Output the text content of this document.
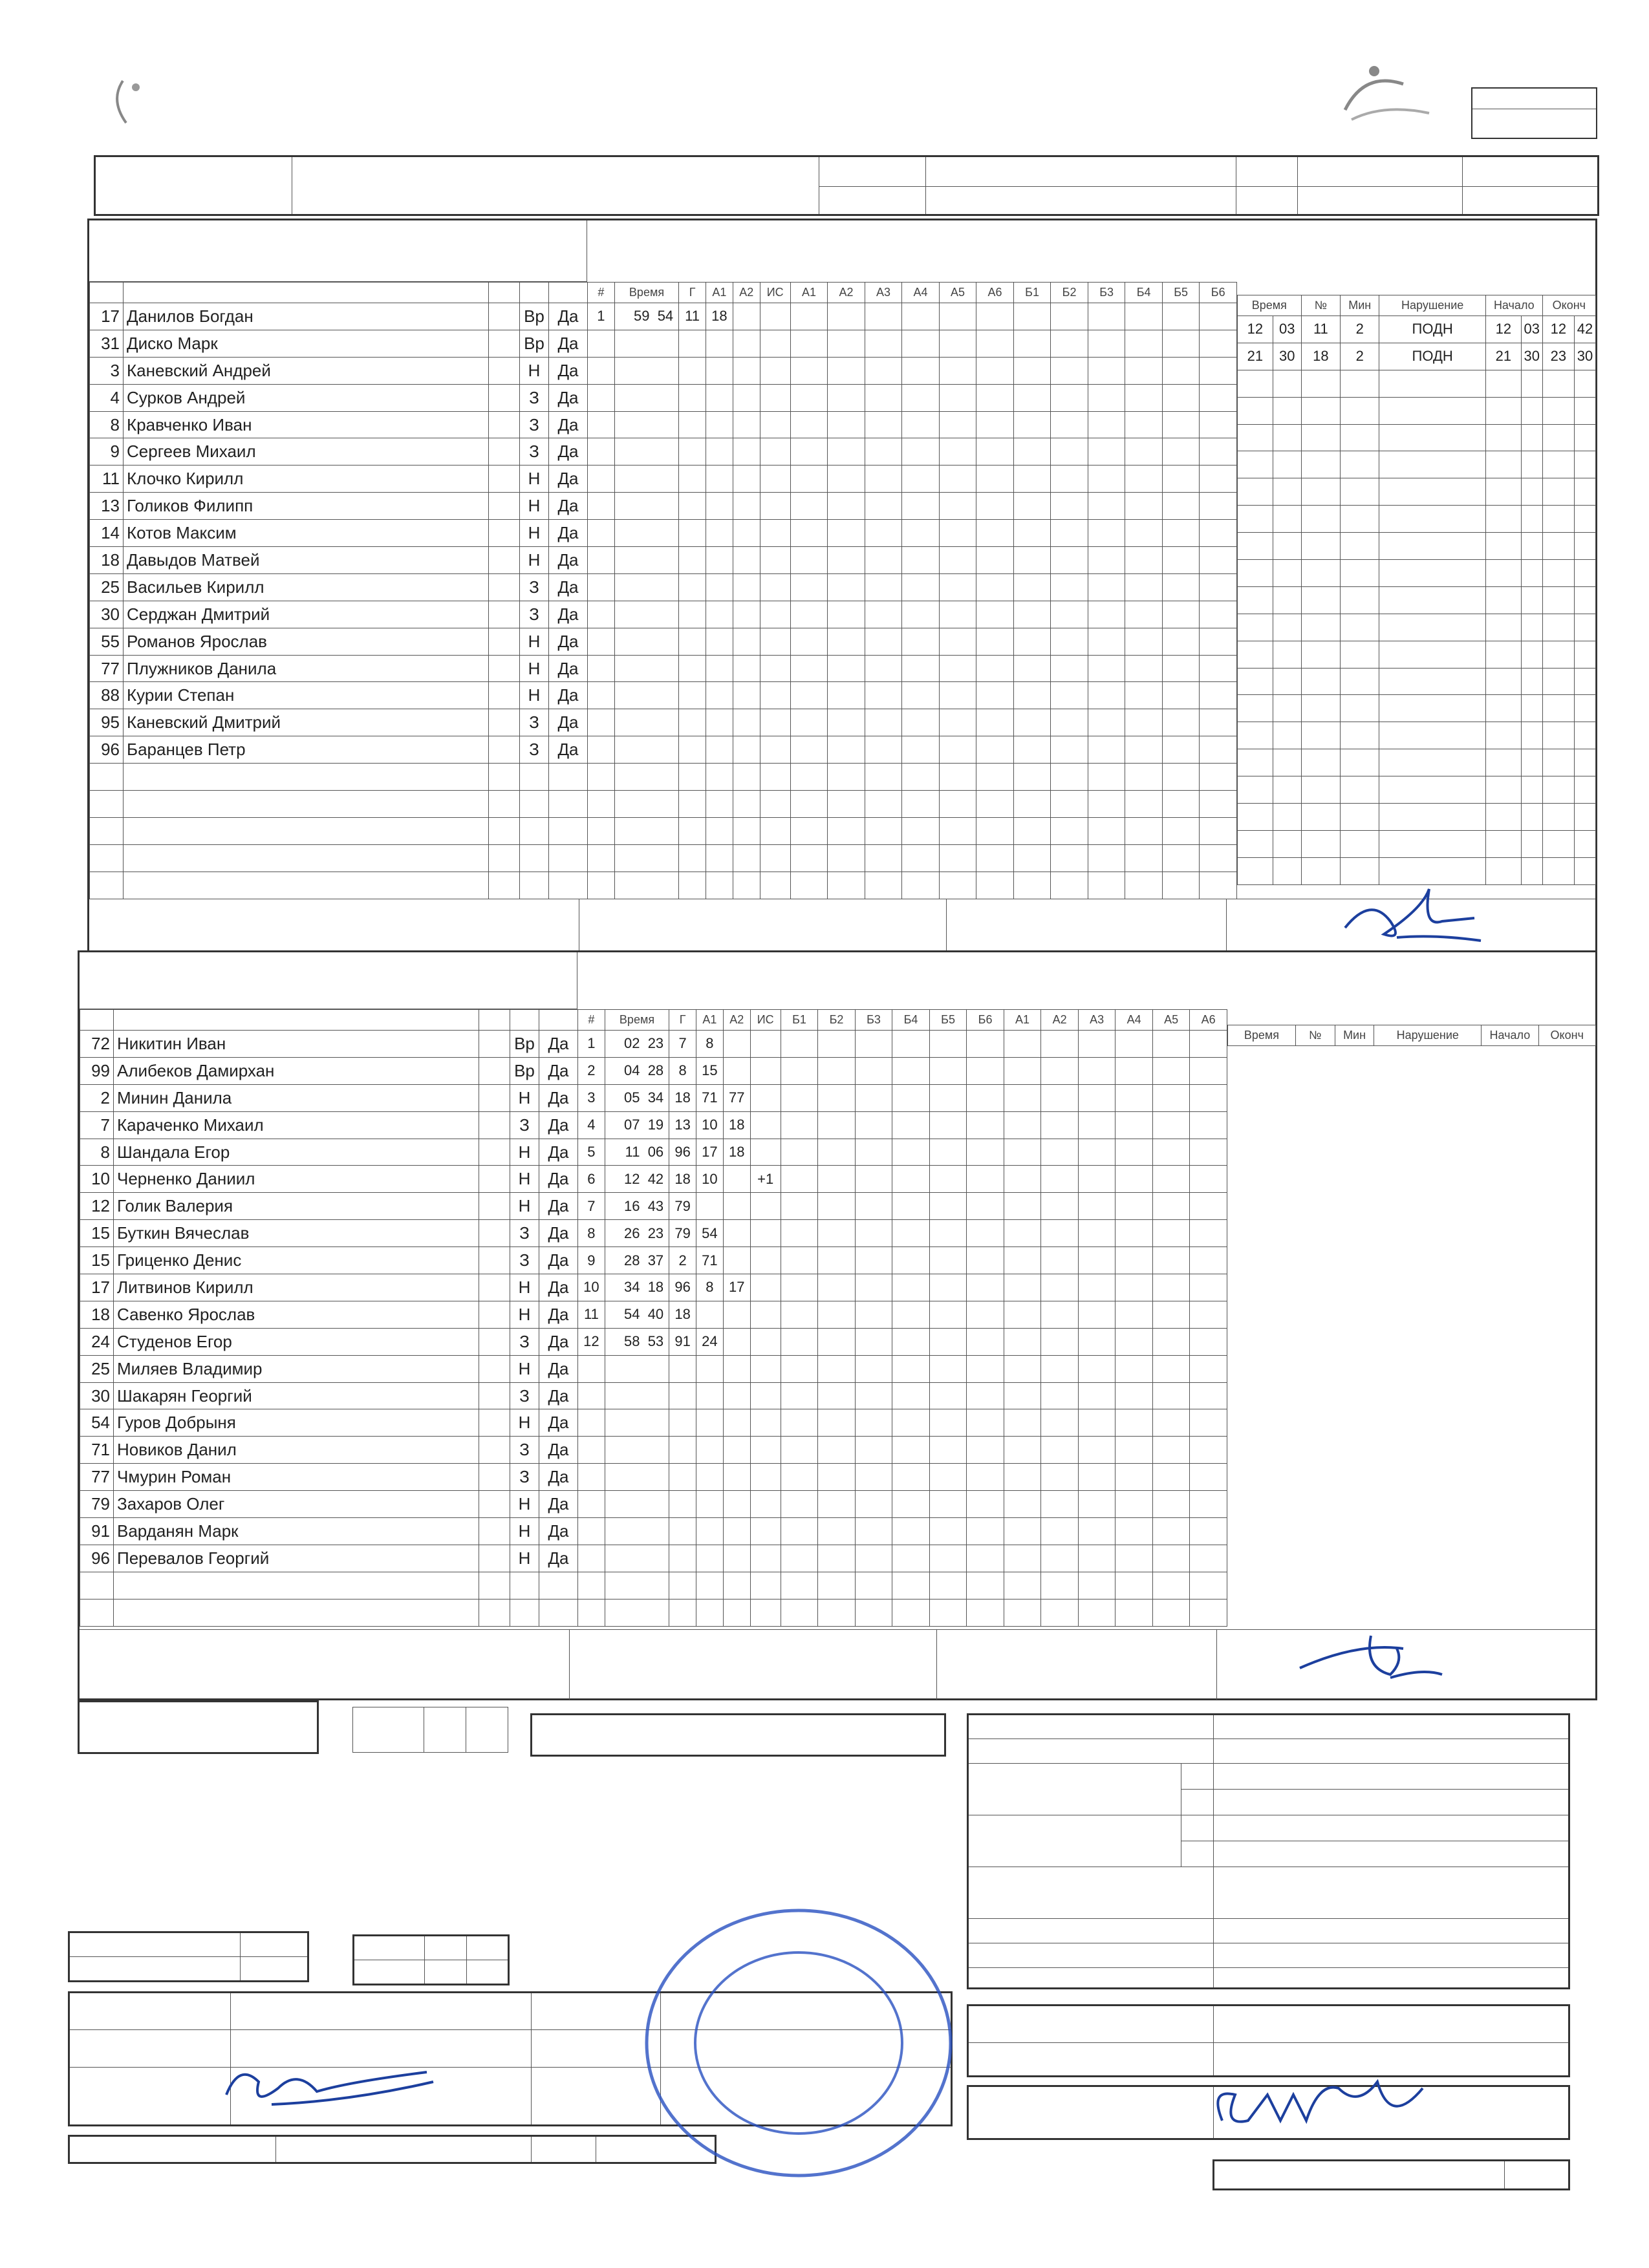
17	Данилов Богдан		Вр	Да
31	Диско Марк		Вр	Да
3	Каневский Андрей		Н	Да
4	Сурков Андрей		З	Да
8	Кравченко Иван		З	Да
9	Сергеев Михаил		З	Да
11	Клочко Кирилл		Н	Да
13	Голиков Филипп		Н	Да
14	Котов Максим		Н	Да
18	Давыдов Матвей		Н	Да
25	Васильев Кирилл		З	Да
30	Серджан Дмитрий		З	Да
55	Романов Ярослав		Н	Да
77	Плужников Данила		Н	Да
88	Курии Степан		Н	Да
95	Каневский Дмитрий		З	Да
96	Баранцев Петр		З	Да

#	Время	Г	А1	А2	ИС	А1	А2	А3	А4	А5	А6	Б1	Б2	Б3	Б4	Б5	Б6
1	59  54	11	18														

Время		№	Мин	Нарушение	Начало		Оконч	
12	03	11	2	ПОДН	12	03	12	42
21	30	18	2	ПОДН	21	30	23	30

72	Никитин Иван		Вр	Да
99	Алибеков Дамирхан		Вр	Да
2	Минин Данила		Н	Да
7	Караченко Михаил		З	Да
8	Шандала Егор		Н	Да
10	Черненко Даниил		Н	Да
12	Голик Валерия		Н	Да
15	Буткин Вячеслав		З	Да
15	Гриценко Денис		З	Да
17	Литвинов Кирилл		Н	Да
18	Савенко Ярослав		Н	Да
24	Студенов Егор		З	Да
25	Миляев Владимир		Н	Да
30	Шакарян Георгий		З	Да
54	Гуров Добрыня		Н	Да
71	Новиков Данил		З	Да
77	Чмурин Роман		З	Да
79	Захаров Олег		Н	Да
91	Варданян Марк		Н	Да
96	Перевалов Георгий		Н	Да

#	Время	Г	А1	А2	ИС	Б1	Б2	Б3	Б4	Б5	Б6	А1	А2	А3	А4	А5	А6
1	02  23	7	8														
2	04  28	8	15														
3	05  34	18	71	77													
4	07  19	13	10	18													
5	11  06	96	17	18													
6	12  42	18	10		+1												
7	16  43	79															
8	26  23	79	54														
9	28  37	2	71														
10	34  18	96	8	17													
11	54  40	18															
12	58  53	91	24														

Время	№	Мин	Нарушение	Начало	Оконч
